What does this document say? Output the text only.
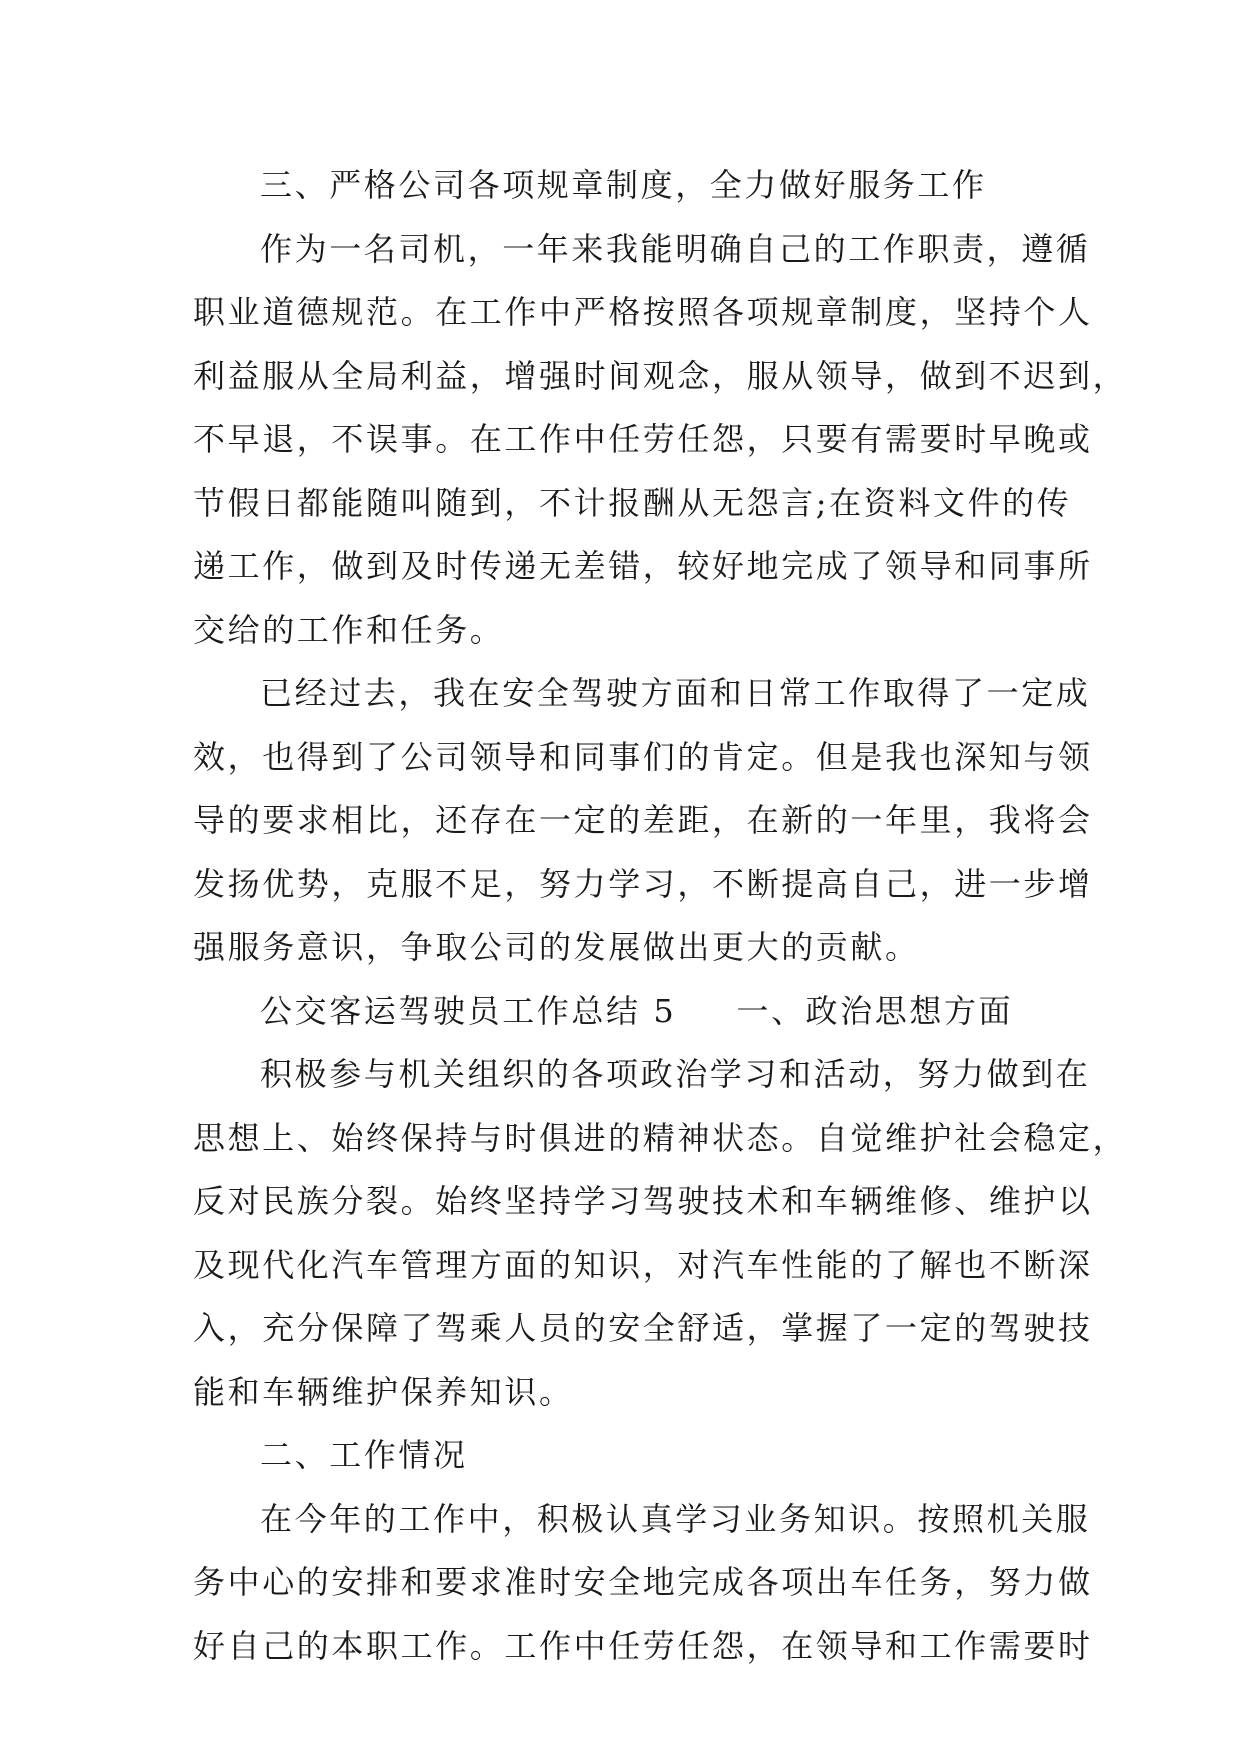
三、严格公司各项规章制度，全力做好服务工作
作为一名司机，一年来我能明确自己的工作职责，遵循
职业道德规范。在工作中严格按照各项规章制度，坚持个人
利益服从全局利益，增强时间观念，服从领导，做到不迟到，
不早退，不误事。在工作中任劳任怨，只要有需要时早晚或
节假日都能随叫随到，不计报酬从无怨言;在资料文件的传
递工作，做到及时传递无差错，较好地完成了领导和同事所
交给的工作和任务。
已经过去，我在安全驾驶方面和日常工作取得了一定成
效，也得到了公司领导和同事们的肯定。但是我也深知与领
导的要求相比，还存在一定的差距，在新的一年里，我将会
发扬优势，克服不足，努力学习，不断提高自己，进一步增
强服务意识，争取公司的发展做出更大的贡献。
公交客运驾驶员工作总结 5 一、政治思想方面
积极参与机关组织的各项政治学习和活动，努力做到在
思想上、始终保持与时俱进的精神状态。自觉维护社会稳定，
反对民族分裂。始终坚持学习驾驶技术和车辆维修、维护以
及现代化汽车管理方面的知识，对汽车性能的了解也不断深
入，充分保障了驾乘人员的安全舒适，掌握了一定的驾驶技
能和车辆维护保养知识。
二、工作情况
在今年的工作中，积极认真学习业务知识。按照机关服
务中心的安排和要求准时安全地完成各项出车任务，努力做
好自己的本职工作。工作中任劳任怨，在领导和工作需要时
